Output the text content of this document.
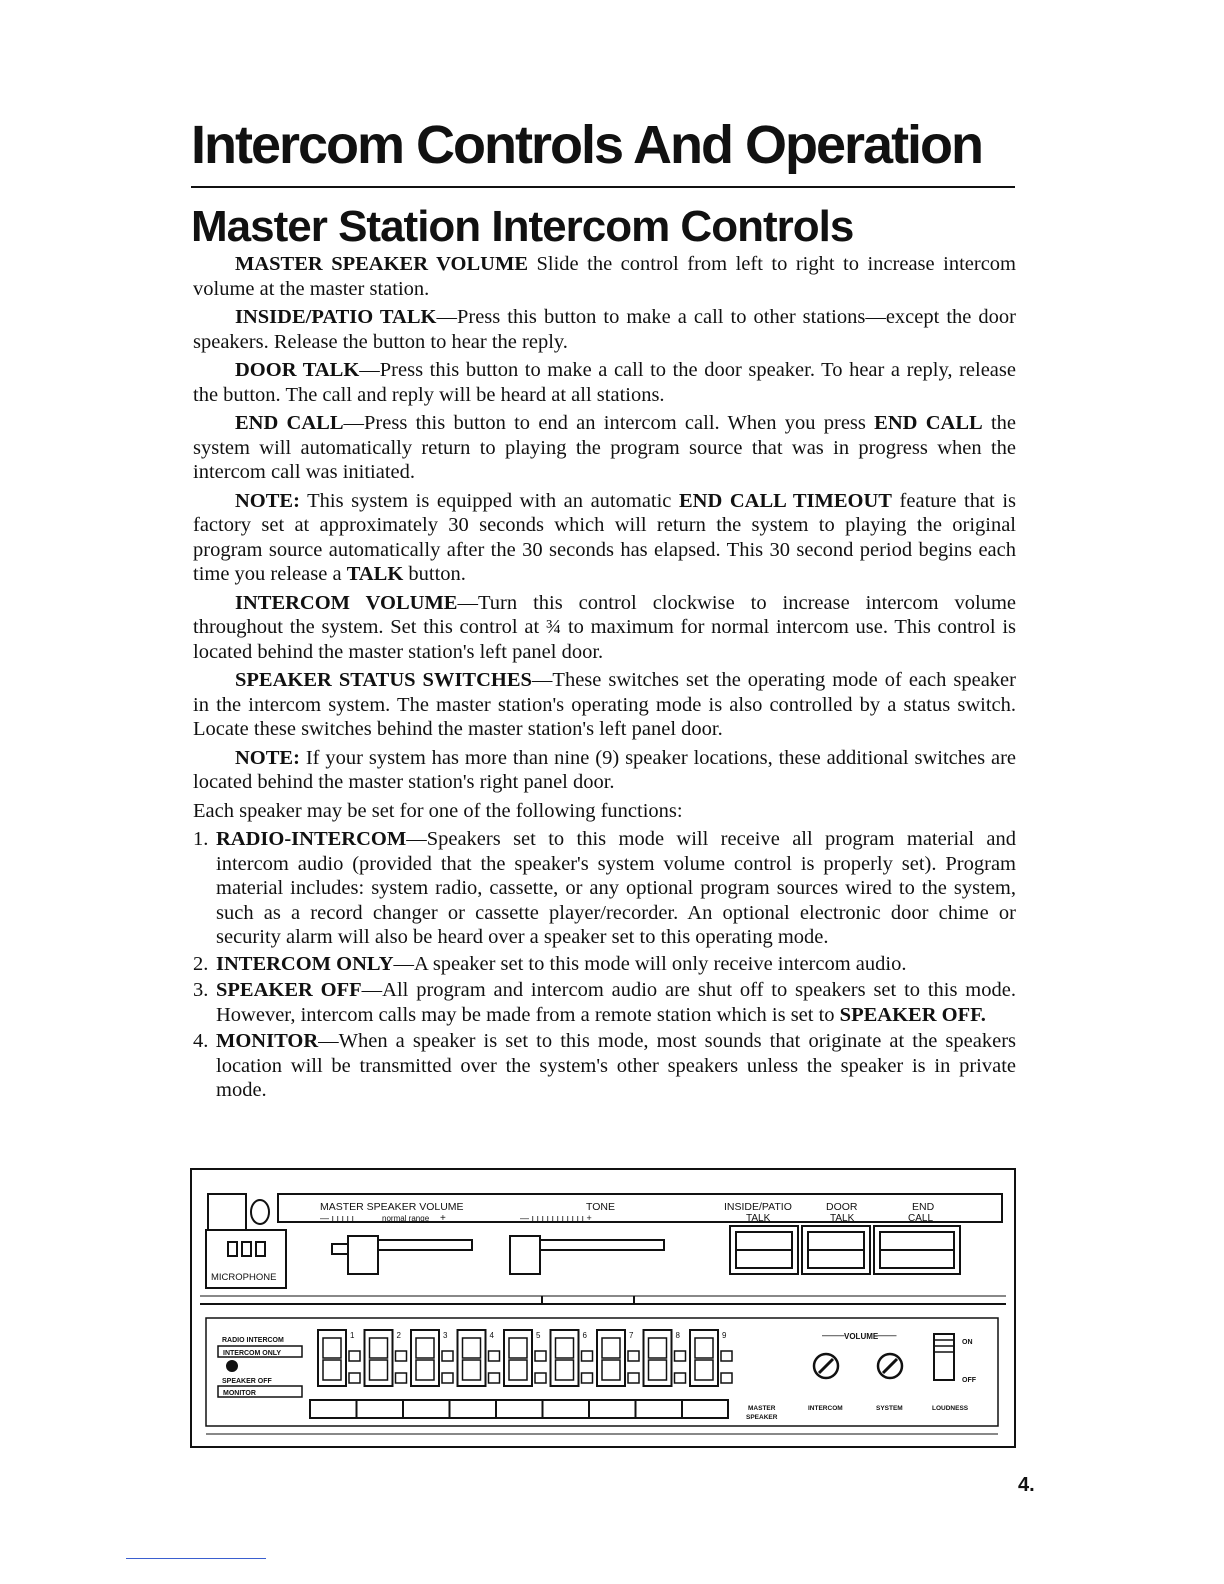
Intercom Controls And Operation
Master Station Intercom Controls

MASTER SPEAKER VOLUME Slide the control from left to right to increase intercom volume at the master station.

INSIDE/PATIO TALK—Press this button to make a call to other stations—except the door speakers. Release the button to hear the reply.

DOOR TALK—Press this button to make a call to the door speaker. To hear a reply, release the button. The call and reply will be heard at all stations.

END CALL—Press this button to end an intercom call. When you press END CALL the system will automatically return to playing the program source that was in progress when the intercom call was initiated.

NOTE: This system is equipped with an automatic END CALL TIMEOUT feature that is factory set at approximately 30 seconds which will return the system to playing the original program source automatically after the 30 seconds has elapsed. This 30 second period begins each time you release a TALK button.

INTERCOM VOLUME—Turn this control clockwise to increase intercom volume throughout the system. Set this control at ¾ to maximum for normal intercom use. This control is located behind the master station's left panel door.

SPEAKER STATUS SWITCHES—These switches set the operating mode of each speaker in the intercom system. The master station's operating mode is also controlled by a status switch. Locate these switches behind the master station's left panel door.

NOTE: If your system has more than nine (9) speaker locations, these additional switches are located behind the master station's right panel door.

Each speaker may be set for one of the following functions:

1. RADIO-INTERCOM—Speakers set to this mode will receive all program material and intercom audio (provided that the speaker's system volume control is properly set). Program material includes: system radio, cassette, or any optional program sources wired to the system, such as a record changer or cassette player/recorder. An optional electronic door chime or security alarm will also be heard over a speaker set to this operating mode.
2. INTERCOM ONLY—A speaker set to this mode will only receive intercom audio.
3. SPEAKER OFF—All program and intercom audio are shut off to speakers set to this mode. However, intercom calls may be made from a remote station which is set to SPEAKER OFF.
4. MONITOR—When a speaker is set to this mode, most sounds that originate at the speakers location will be transmitted over the system's other speakers unless the speaker is in private mode.
MICROPHONE
MASTER SPEAKER VOLUME
— ı ı ı ı ı	normal range +
TONE
— ı ı ı ı ı ı ı ı ı ı ı +
INSIDE/PATIO
TALK
DOOR
TALK
END
CALL
RADIO INTERCOM
INTERCOM ONLY
SPEAKER OFF
MONITOR
1	2	3	4	5	6	7	8	9	——— VOLUME
———
ON
OFF
MASTER
SPEAKER
INTERCOM	SYSTEM	LOUDNESS
4.
